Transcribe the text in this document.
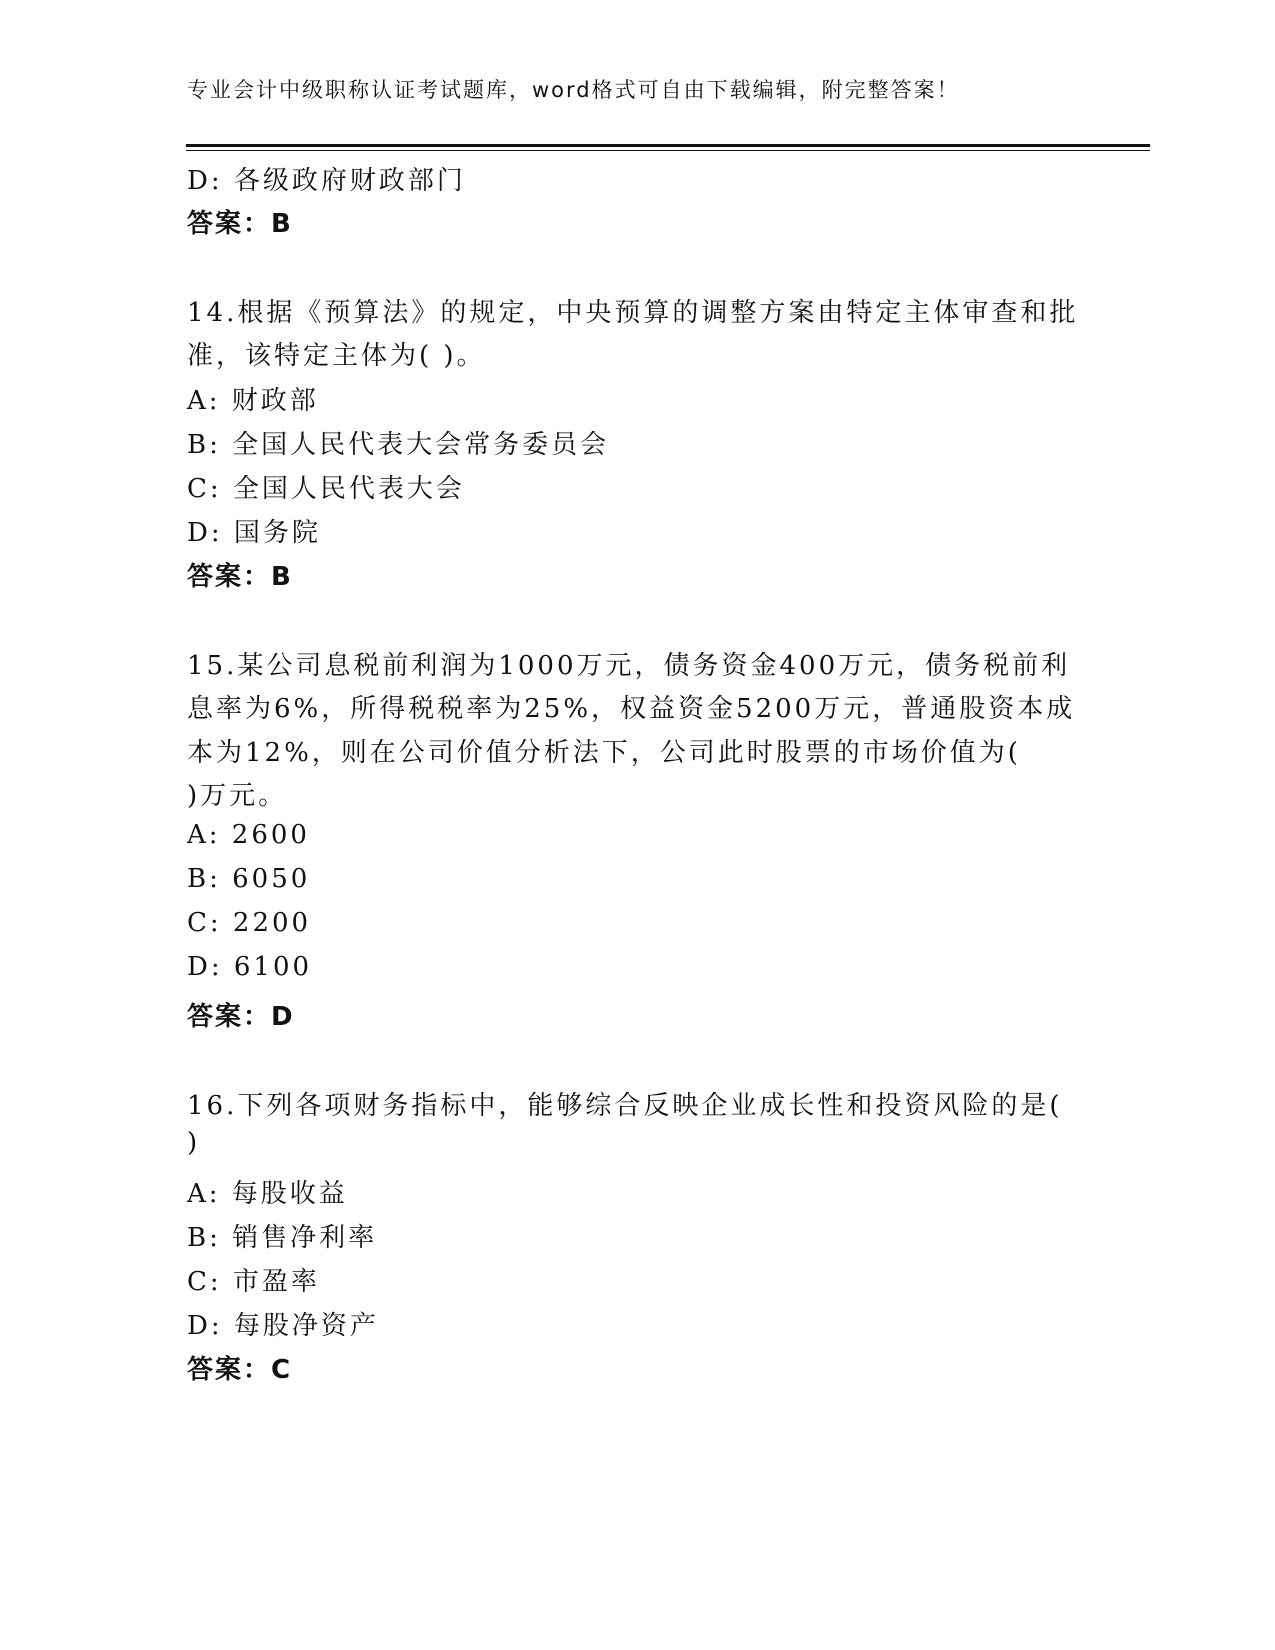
专业会计中级职称认证考试题库，word格式可自由下载编辑，附完整答案！
D: 各级政府财政部门
答案：B
14.根据《预算法》的规定，中央预算的调整方案由特定主体审查和批
准，该特定主体为( )。
A: 财政部
B: 全国人民代表大会常务委员会
C: 全国人民代表大会
D: 国务院
答案：B
15.某公司息税前利润为1000万元，债务资金400万元，债务税前利
息率为6%，所得税税率为25%，权益资金5200万元，普通股资本成
本为12%，则在公司价值分析法下，公司此时股票的市场价值为(
)万元。
A: 2600
B: 6050
C: 2200
D: 6100
答案：D
16.下列各项财务指标中，能够综合反映企业成长性和投资风险的是(
)
A: 每股收益
B: 销售净利率
C: 市盈率
D: 每股净资产
答案：C
